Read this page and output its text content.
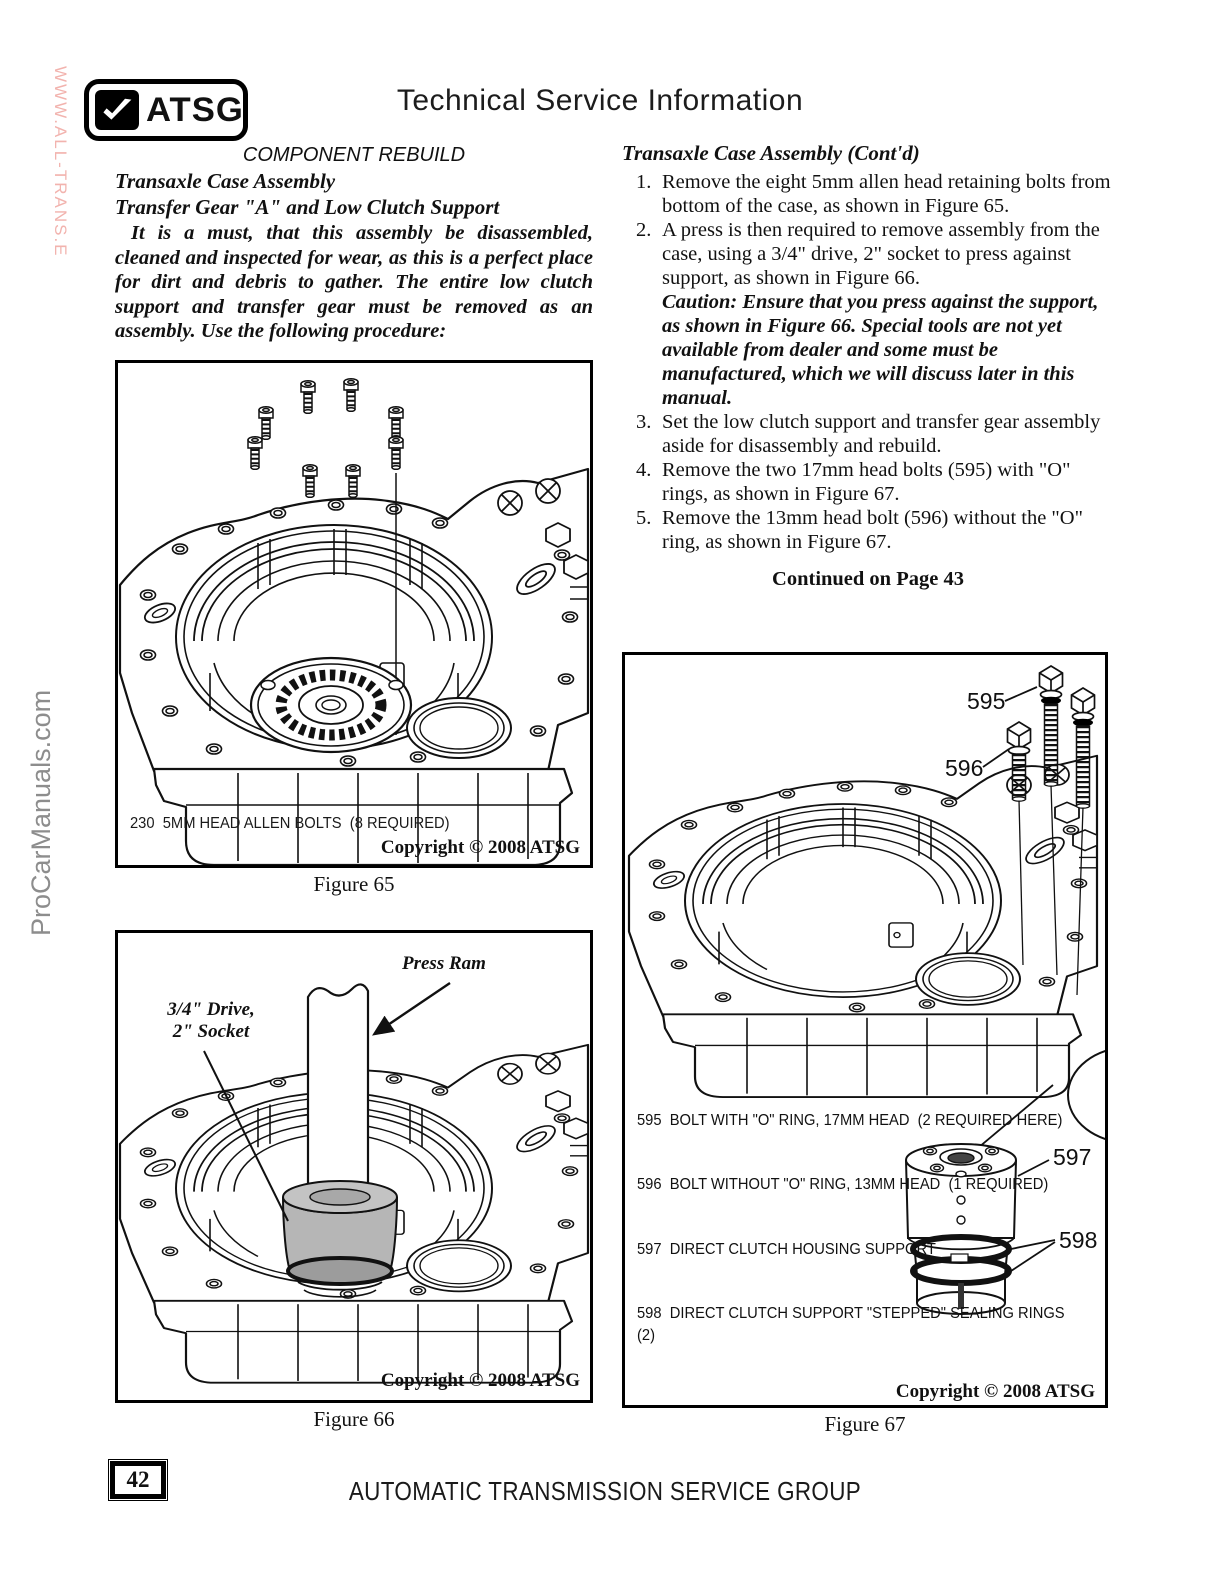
WWW.ALL-TRANS.E
ProCarManuals.com
ATSG	Technical Service Information
COMPONENT REBUILD
Transaxle Case Assembly
Transfer Gear "A" and Low Clutch Support
It is a must, that this assembly be disassembled, cleaned and inspected for wear, as this is a perfect place for dirt and debris to gather. The entire low clutch support and transfer gear must be removed as an assembly. Use the following procedure:
230  5MM HEAD ALLEN BOLTS  (8 REQUIRED)
Copyright © 2008 ATSG
Figure 65
Press Ram
3/4" Drive,
2" Socket
Copyright © 2008 ATSG
Figure 66
Transaxle Case Assembly (Cont'd)
1. Remove the eight 5mm allen head retaining bolts from bottom of the case, as shown in Figure 65.
2. A press is then required to remove assembly from the case, using a 3/4" drive, 2" socket to press against support, as shown in Figure 66.
Caution: Ensure that you press against the support, as shown in Figure 66. Special tools are not yet available from dealer and some must be manufactured, which we will discuss later in this manual.
3. Set the low clutch support and transfer gear assembly aside for disassembly and rebuild.
4. Remove the two 17mm head bolts (595) with "O" rings, as shown in Figure 67.
5. Remove the 13mm head bolt (596) without the "O" ring, as shown in Figure 67.
Continued on Page 43
595
596
597
598

595  BOLT WITH "O" RING, 17MM HEAD  (2 REQUIRED HERE)

596  BOLT WITHOUT "O" RING, 13MM HEAD  (1 REQUIRED)

597  DIRECT CLUTCH HOUSING SUPPORT

598  DIRECT CLUTCH SUPPORT "STEPPED" SEALING RINGS  (2)

Copyright © 2008 ATSG
Figure 67
42	AUTOMATIC TRANSMISSION SERVICE GROUP
